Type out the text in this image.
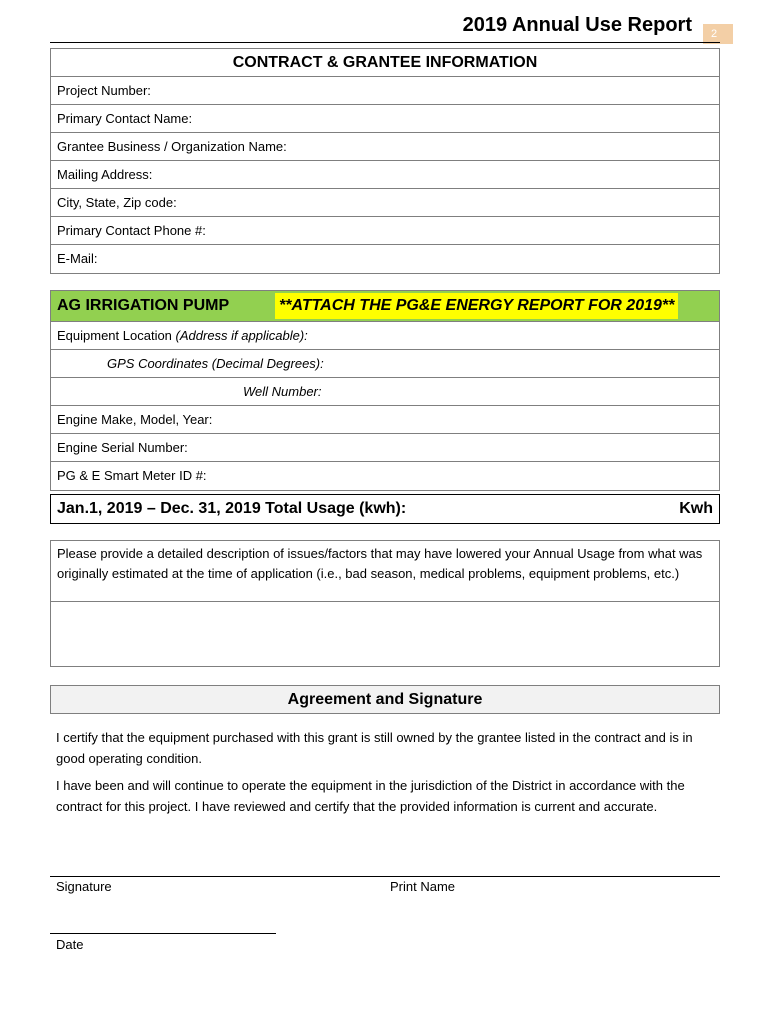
2019 Annual Use Report	2
CONTRACT & GRANTEE INFORMATION
Project Number:
Primary Contact Name:
Grantee Business / Organization Name:
Mailing Address:
City, State, Zip code:
Primary Contact Phone #:
E-Mail:
AG IRRIGATION PUMP	**ATTACH THE PG&E ENERGY REPORT FOR 2019**
Equipment Location (Address if applicable):
GPS Coordinates (Decimal Degrees):
Well Number:
Engine Make, Model, Year:
Engine Serial Number:
PG & E Smart Meter ID #:
Jan.1, 2019 – Dec. 31, 2019 Total Usage (kwh):	Kwh
Please provide a detailed description of issues/factors that may have lowered your Annual Usage from what was originally estimated at the time of application (i.e., bad season, medical problems, equipment problems, etc.)
Agreement and Signature
I certify that the equipment purchased with this grant is still owned by the grantee listed in the contract and is in good operating condition.
I have been and will continue to operate the equipment in the jurisdiction of the District in accordance with the contract for this project. I have reviewed and certify that the provided information is current and accurate.
Signature	Print Name
Date
